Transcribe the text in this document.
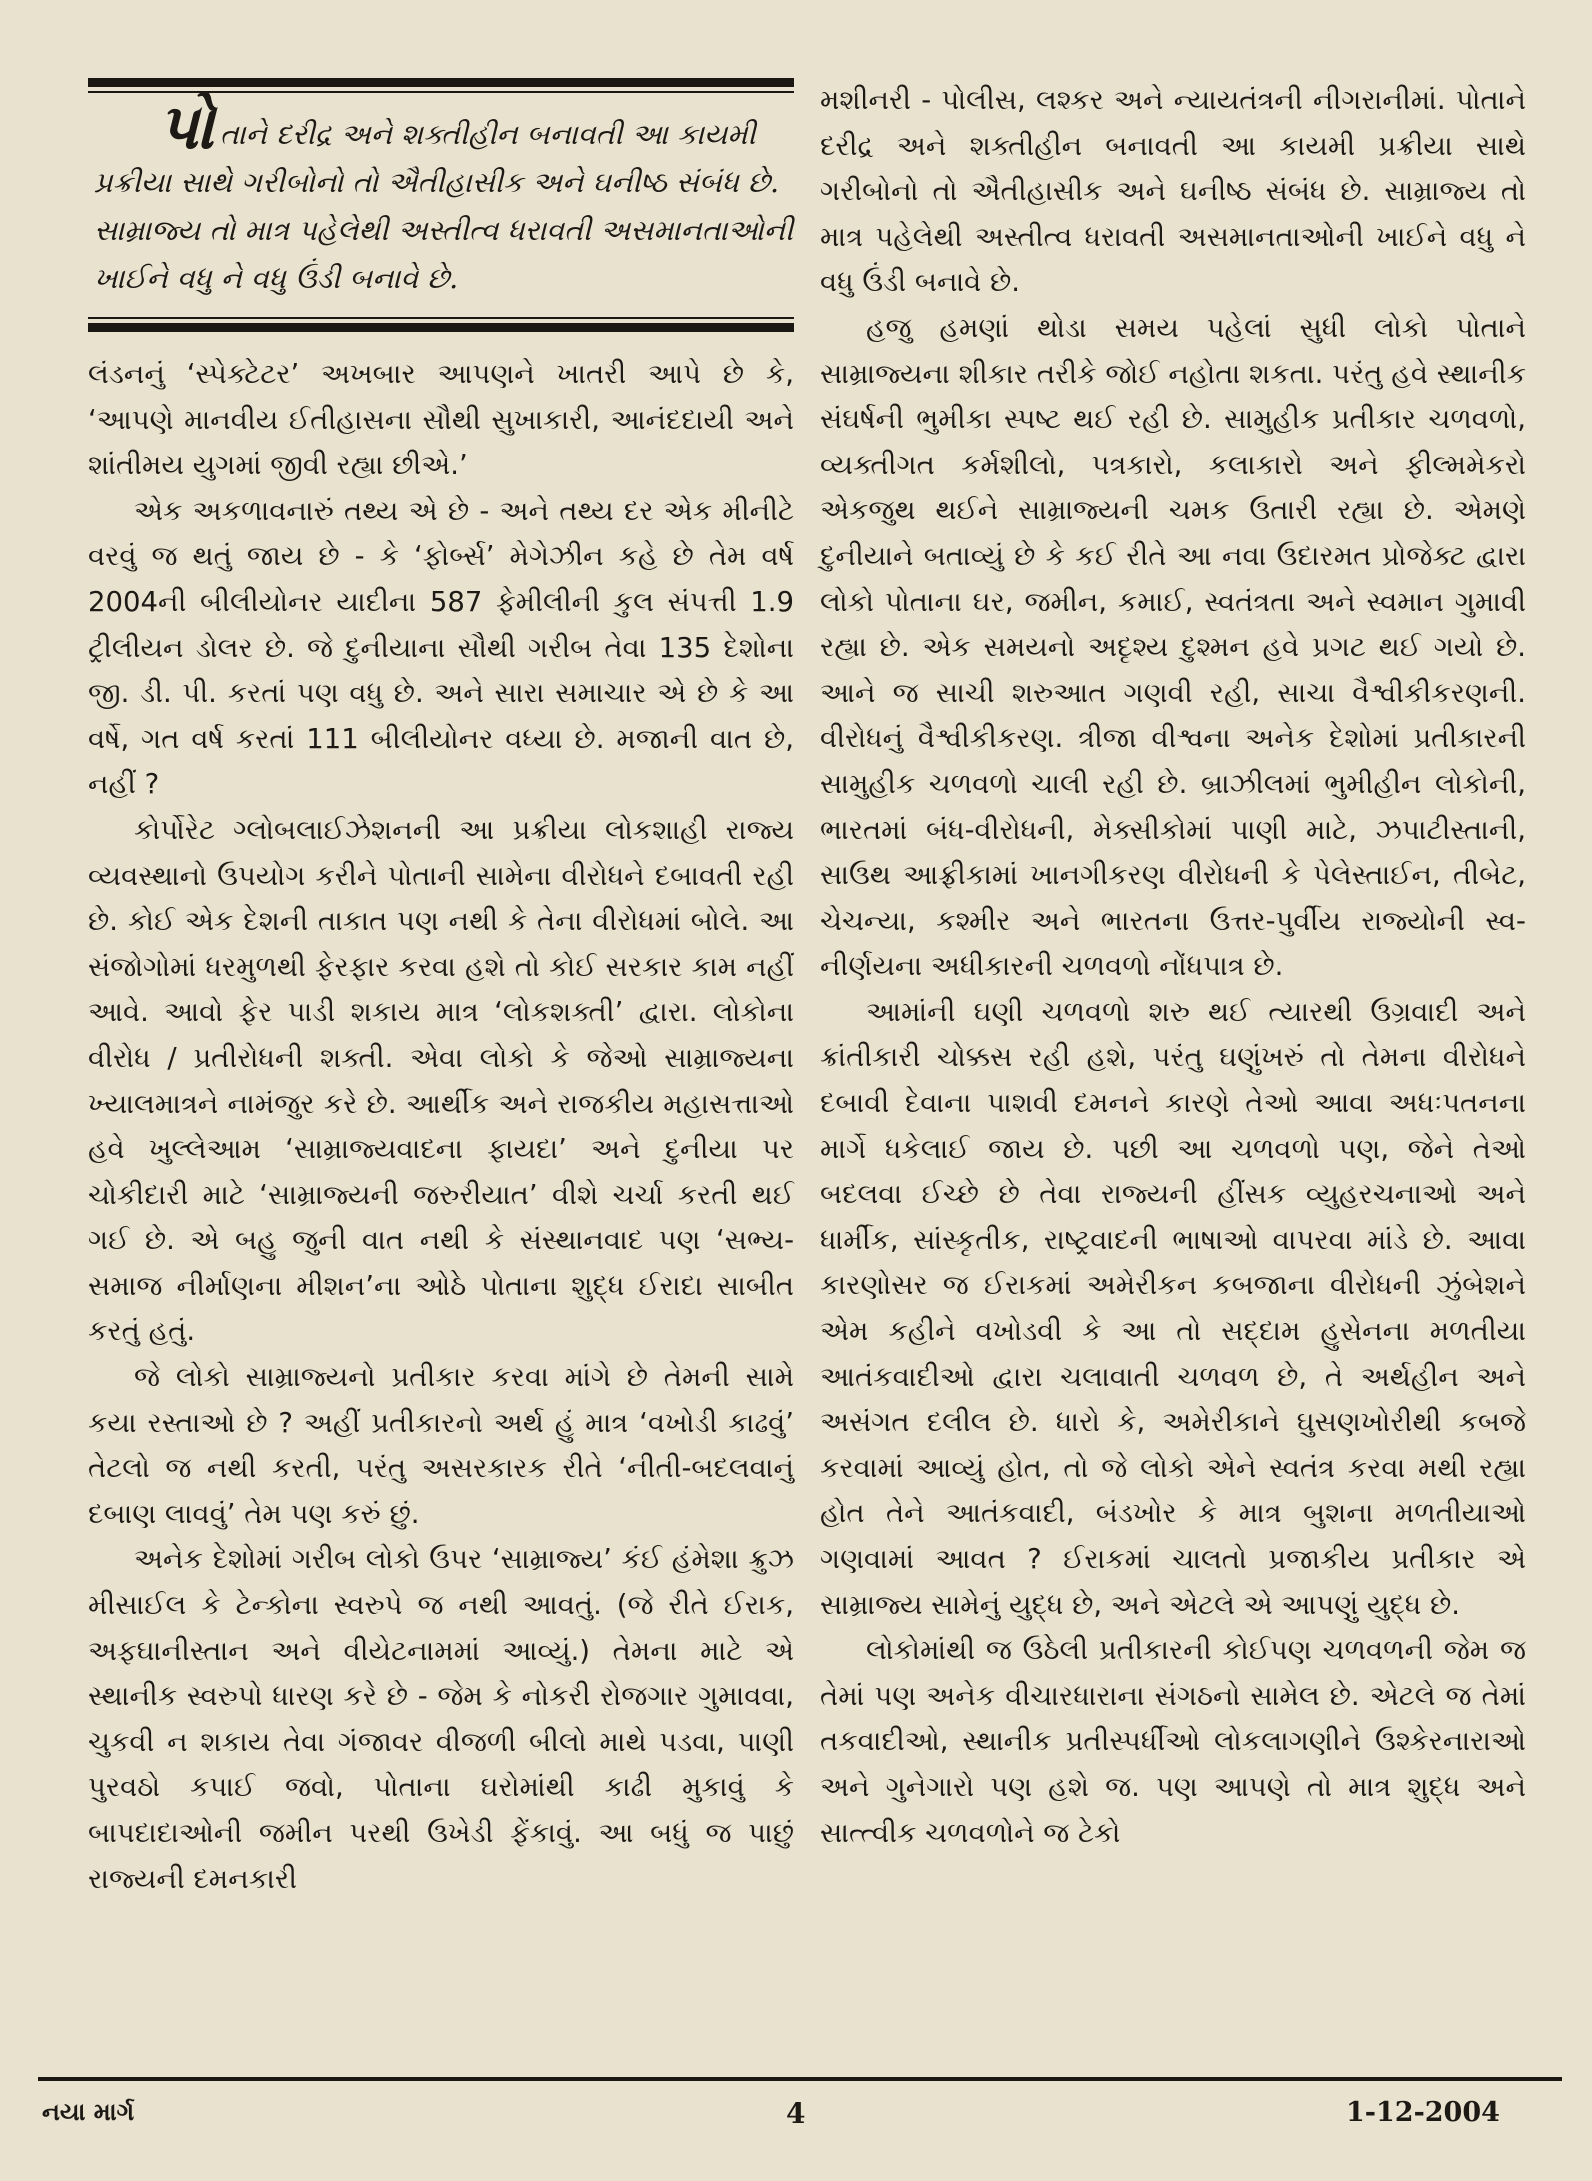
પોતાને દરીદ્ર અને શક્તીહીન બનાવતી આ કાયમી પ્રક્રીયા સાથે ગરીબોનો તો ઐતીહાસીક અને ઘનીષ્ઠ સંબંધ છે. સામ્રાજ્ય તો માત્ર પહેલેથી અસ્તીત્વ ધરાવતી અસમાનતાઓની ખાઈને વધુ ને વધુ ઉંડી બનાવે છે.

લંડનનું ‘સ્પેક્ટેટર’ અખબાર આપણને ખાતરી આપે છે કે, ‘આપણે માનવીય ઈતીહાસના સૌથી સુખાકારી, આનંદદાયી અને શાંતીમય યુગમાં જીવી રહ્યા છીએ.’

એક અકળાવનારું તથ્ય એ છે - અને તથ્ય દર એક મીનીટે વરવું જ થતું જાય છે - કે ‘ફોર્બ્સ’ મેગેઝીન કહે છે તેમ વર્ષ 2004ની બીલીયોનર યાદીના 587 ફેમીલીની કુલ સંપત્તી 1.9 ટ્રીલીયન ડોલર છે. જે દુનીયાના સૌથી ગરીબ તેવા 135 દેશોના જી. ડી. પી. કરતાં પણ વધુ છે. અને સારા સમાચાર એ છે કે આ વર્ષે, ગત વર્ષ કરતાં 111 બીલીયોનર વધ્યા છે. મજાની વાત છે, નહીં ?

કોર્પોરેટ ગ્લોબલાઈઝેશનની આ પ્રક્રીયા લોકશાહી રાજ્ય વ્યવસ્થાનો ઉપયોગ કરીને પોતાની સામેના વીરોધને દબાવતી રહી છે. કોઈ એક દેશની તાકાત પણ નથી કે તેના વીરોધમાં બોલે. આ સંજોગોમાં ધરમુળથી ફેરફાર કરવા હશે તો કોઈ સરકાર કામ નહીં આવે. આવો ફેર પાડી શકાય માત્ર ‘લોકશક્તી’ દ્વારા. લોકોના વીરોધ / પ્રતીરોધની શક્તી. એવા લોકો કે જેઓ સામ્રાજ્યના ખ્યાલમાત્રને નામંજુર કરે છે. આર્થીક અને રાજકીય મહાસત્તાઓ હવે ખુલ્લેઆમ ‘સામ્રાજ્યવાદના ફાયદા’ અને દુનીયા પર ચોકીદારી માટે ‘સામ્રાજ્યની જરુરીયાત’ વીશે ચર્ચા કરતી થઈ ગઈ છે. એ બહુ જુની વાત નથી કે સંસ્થાનવાદ પણ ‘સભ્ય- સમાજ નીર્માણના મીશન’ના ઓઠે પોતાના શુદ્ધ ઈરાદા સાબીત કરતું હતું.

જે લોકો સામ્રાજ્યનો પ્રતીકાર કરવા માંગે છે તેમની સામે કયા રસ્તાઓ છે ? અહીં પ્રતીકારનો અર્થ હું માત્ર ‘વખોડી કાઢવું’ તેટલો જ નથી કરતી, પરંતુ અસરકારક રીતે ‘નીતી-બદલવાનું દબાણ લાવવું’ તેમ પણ કરું છું.

અનેક દેશોમાં ગરીબ લોકો ઉપર ‘સામ્રાજ્ય’ કંઈ હંમેશા ક્રુઝ મીસાઈલ કે ટેન્કોના સ્વરુપે જ નથી આવતું. (જે રીતે ઈરાક, અફઘાનીસ્તાન અને વીયેટનામમાં આવ્યું.) તેમના માટે એ સ્થાનીક સ્વરુપો ધારણ કરે છે - જેમ કે નોકરી રોજગાર ગુમાવવા, ચુકવી ન શકાય તેવા ગંજાવર વીજળી બીલો માથે પડવા, પાણી પુરવઠો કપાઈ જવો, પોતાના ઘરોમાંથી કાઢી મુકાવું કે બાપદાદાઓની જમીન પરથી ઉખેડી ફેંકાવું. આ બધું જ પાછું રાજ્યની દમનકારી

મશીનરી - પોલીસ, લશ્કર અને ન્યાયતંત્રની નીગરાનીમાં. પોતાને દરીદ્ર અને શક્તીહીન બનાવતી આ કાયમી પ્રક્રીયા સાથે ગરીબોનો તો ઐતીહાસીક અને ઘનીષ્ઠ સંબંધ છે. સામ્રાજ્ય તો માત્ર પહેલેથી અસ્તીત્વ ધરાવતી અસમાનતાઓની ખાઈને વધુ ને વધુ ઉંડી બનાવે છે.

હજુ હમણાં થોડા સમય પહેલાં સુધી લોકો પોતાને સામ્રાજ્યના શીકાર તરીકે જોઈ નહોતા શકતા. પરંતુ હવે સ્થાનીક સંઘર્ષની ભુમીકા સ્પષ્ટ થઈ રહી છે. સામુહીક પ્રતીકાર ચળવળો, વ્યક્તીગત કર્મશીલો, પત્રકારો, કલાકારો અને ફીલ્મમેકરો એકજુથ થઈને સામ્રાજ્યની ચમક ઉતારી રહ્યા છે. એમણે દુનીયાને બતાવ્યું છે કે કઈ રીતે આ નવા ઉદારમત પ્રોજેક્ટ દ્વારા લોકો પોતાના ઘર, જમીન, કમાઈ, સ્વતંત્રતા અને સ્વમાન ગુમાવી રહ્યા છે. એક સમયનો અદૃશ્ય દુશ્મન હવે પ્રગટ થઈ ગયો છે. આને જ સાચી શરુઆત ગણવી રહી, સાચા વૈશ્વીકીકરણની. વીરોધનું વૈશ્વીકીકરણ. ત્રીજા વીશ્વના અનેક દેશોમાં પ્રતીકારની સામુહીક ચળવળો ચાલી રહી છે. બ્રાઝીલમાં ભુમીહીન લોકોની, ભારતમાં બંધ-વીરોધની, મેક્સીકોમાં પાણી માટે, ઝપાટીસ્તાની, સાઉથ આફ્રીકામાં ખાનગીકરણ વીરોધની કે પેલેસ્તાઈન, તીબેટ, ચેચન્યા, કશ્મીર અને ભારતના ઉત્તર-પુર્વીય રાજ્યોની સ્વ-નીર્ણયના અધીકારની ચળવળો નોંધપાત્ર છે.

આમાંની ઘણી ચળવળો શરુ થઈ ત્યારથી ઉગ્રવાદી અને ક્રાંતીકારી ચોક્કસ રહી હશે, પરંતુ ઘણુંખરું તો તેમના વીરોધને દબાવી દેવાના પાશવી દમનને કારણે તેઓ આવા અધઃપતનના માર્ગે ધકેલાઈ જાય છે. પછી આ ચળવળો પણ, જેને તેઓ બદલવા ઈચ્છે છે તેવા રાજ્યની હીંસક વ્યુહરચનાઓ અને ધાર્મીક, સાંસ્કૃતીક, રાષ્ટ્રવાદની ભાષાઓ વાપરવા માંડે છે. આવા કારણોસર જ ઈરાકમાં અમેરીકન કબજાના વીરોધની ઝુંબેશને એમ કહીને વખોડવી કે આ તો સદ્દામ હુસેનના મળતીયા આતંકવાદીઓ દ્વારા ચલાવાતી ચળવળ છે, તે અર્થહીન અને અસંગત દલીલ છે. ધારો કે, અમેરીકાને ઘુસણખોરીથી કબજે કરવામાં આવ્યું હોત, તો જે લોકો એને સ્વતંત્ર કરવા મથી રહ્યા હોત તેને આતંકવાદી, બંડખોર કે માત્ર બુશના મળતીયાઓ ગણવામાં આવત ? ઈરાકમાં ચાલતો પ્રજાકીય પ્રતીકાર એ સામ્રાજ્ય સામેનું યુદ્ધ છે, અને એટલે એ આપણું યુદ્ધ છે.

લોકોમાંથી જ ઉઠેલી પ્રતીકારની કોઈપણ ચળવળની જેમ જ તેમાં પણ અનેક વીચારધારાના સંગઠનો સામેલ છે. એટલે જ તેમાં તકવાદીઓ, સ્થાનીક પ્રતીસ્પર્ધીઓ લોકલાગણીને ઉશ્કેરનારાઓ અને ગુનેગારો પણ હશે જ. પણ આપણે તો માત્ર શુદ્ધ અને સાત્ત્વીક ચળવળોને જ ટેકો

નયા માર્ગ	4	1-12-2004
